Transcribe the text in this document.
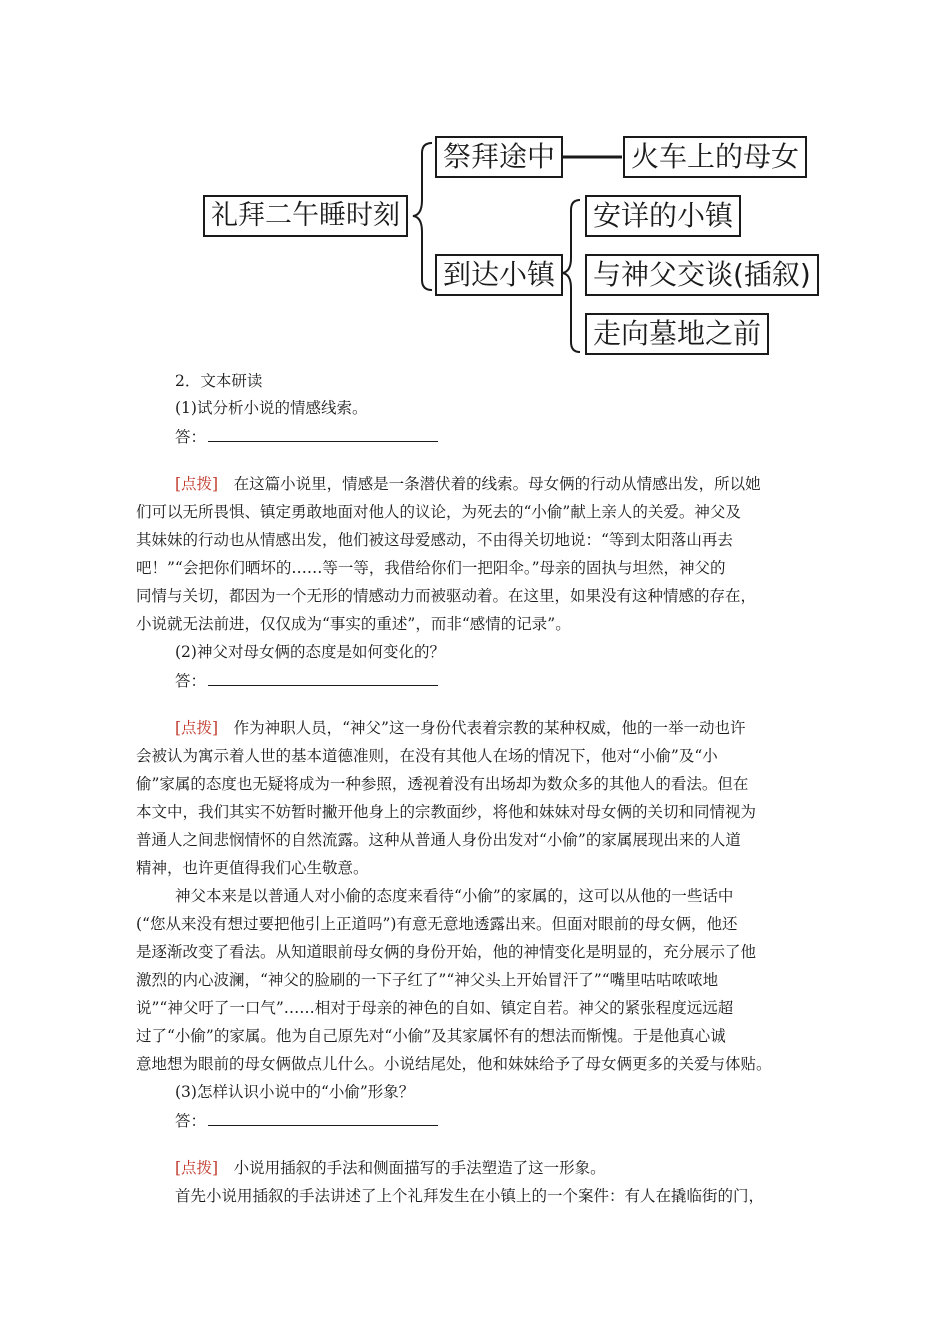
礼拜二午睡时刻
祭拜途中	火车上的母女
到达小镇
安详的小镇
与神父交谈(插叙)
走向墓地之前
2．文本研读
(1)试分析小说的情感线索。
答：
[点拨]　 在这篇小说里，情感是一条潜伏着的线索。母女俩的行动从情感出发，所以她
们可以无所畏惧、镇定勇敢地面对他人的议论，为死去的“小偷”献上亲人的关爱。神父及
其妹妹的行动也从情感出发，他们被这母爱感动，不由得关切地说：“等到太阳落山再去
吧！”“会把你们晒坏的……等一等，我借给你们一把阳伞。”母亲的固执与坦然，神父的
同情与关切，都因为一个无形的情感动力而被驱动着。在这里，如果没有这种情感的存在，
小说就无法前进，仅仅成为“事实的重述”，而非“感情的记录”。
(2)神父对母女俩的态度是如何变化的？
答：
[点拨]　 作为神职人员，“神父”这一身份代表着宗教的某种权威，他的一举一动也许
会被认为寓示着人世的基本道德准则，在没有其他人在场的情况下，他对“小偷”及“小
偷”家属的态度也无疑将成为一种参照，透视着没有出场却为数众多的其他人的看法。但在
本文中，我们其实不妨暂时撇开他身上的宗教面纱，将他和妹妹对母女俩的关切和同情视为
普通人之间悲悯情怀的自然流露。这种从普通人身份出发对“小偷”的家属展现出来的人道
精神，也许更值得我们心生敬意。
神父本来是以普通人对小偷的态度来看待“小偷”的家属的，这可以从他的一些话中
(“您从来没有想过要把他引上正道吗”)有意无意地透露出来。但面对眼前的母女俩，他还
是逐渐改变了看法。从知道眼前母女俩的身份开始，他的神情变化是明显的，充分展示了他
激烈的内心波澜，“神父的脸刷的一下子红了”“神父头上开始冒汗了”“嘴里咕咕哝哝地
说”“神父吁了一口气”……相对于母亲的神色的自如、镇定自若。神父的紧张程度远远超
过了“小偷”的家属。他为自己原先对“小偷”及其家属怀有的想法而惭愧。于是他真心诚
意地想为眼前的母女俩做点儿什么。小说结尾处，他和妹妹给予了母女俩更多的关爱与体贴。
(3)怎样认识小说中的“小偷”形象？
答：
[点拨]　 小说用插叙的手法和侧面描写的手法塑造了这一形象。
首先小说用插叙的手法讲述了上个礼拜发生在小镇上的一个案件：有人在撬临街的门，
